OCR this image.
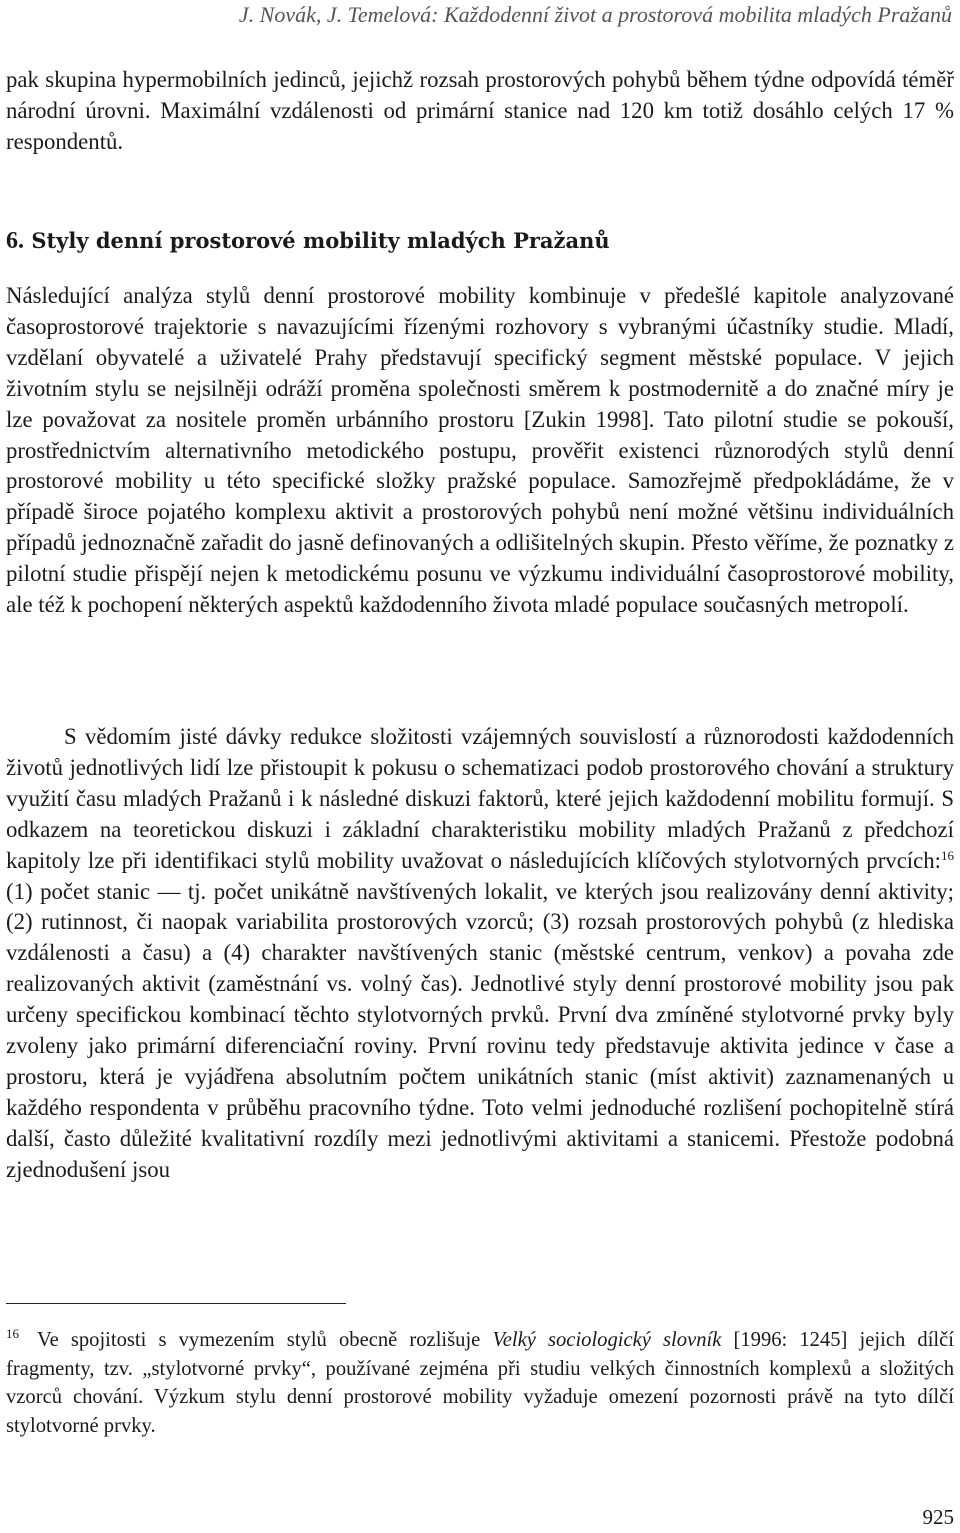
J. Novák, J. Temelová: Každodenní život a prostorová mobilita mladých Pražanů

pak skupina hypermobilních jedinců, jejichž rozsah prostorových pohybů během týdne odpovídá téměř národní úrovni. Maximální vzdálenosti od primární stanice nad 120 km totiž dosáhlo celých 17 % respondentů.

6. Styly denní prostorové mobility mladých Pražanů

Následující analýza stylů denní prostorové mobility kombinuje v předešlé kapitole analyzované časoprostorové trajektorie s navazujícími řízenými rozhovory s vybranými účastníky studie. Mladí, vzdělaní obyvatelé a uživatelé Prahy představují specifický segment městské populace. V jejich životním stylu se nejsilněji odráží proměna společnosti směrem k postmodernitě a do značné míry je lze považovat za nositele proměn urbánního prostoru [Zukin 1998]. Tato pilotní studie se pokouší, prostřednictvím alternativního metodického postupu, prověřit existenci různorodých stylů denní prostorové mobility u této specifické složky pražské populace. Samozřejmě předpokládáme, že v případě široce pojatého komplexu aktivit a prostorových pohybů není možné většinu individuálních případů jednoznačně zařadit do jasně definovaných a odlišitelných skupin. Přesto věříme, že poznatky z pilotní studie přispějí nejen k metodickému posunu ve výzkumu individuální časoprostorové mobility, ale též k pochopení některých aspektů každodenního života mladé populace současných metropolí.

S vědomím jisté dávky redukce složitosti vzájemných souvislostí a různorodosti každodenních životů jednotlivých lidí lze přistoupit k pokusu o schematizaci podob prostorového chování a struktury využití času mladých Pražanů i k následné diskuzi faktorů, které jejich každodenní mobilitu formují. S odkazem na teoretickou diskuzi i základní charakteristiku mobility mladých Pražanů z předchozí kapitoly lze při identifikaci stylů mobility uvažovat o následujících klíčových stylotvorných prvcích:$^{16}$ (1) počet stanic — tj. počet unikátně navštívených lokalit, ve kterých jsou realizovány denní aktivity; (2) rutinnost, či naopak variabilita prostorových vzorců; (3) rozsah prostorových pohybů (z hlediska vzdálenosti a času) a (4) charakter navštívených stanic (městské centrum, venkov) a povaha zde realizovaných aktivit (zaměstnání vs. volný čas). Jednotlivé styly denní prostorové mobility jsou pak určeny specifickou kombinací těchto stylotvorných prvků. První dva zmíněné stylotvorné prvky byly zvoleny jako primární diferenciační roviny. První rovinu tedy představuje aktivita jedince v čase a prostoru, která je vyjádřena absolutním počtem unikátních stanic (míst aktivit) zaznamenaných u každého respondenta v průběhu pracovního týdne. Toto velmi jednoduché rozlišení pochopitelně stírá další, často důležité kvalitativní rozdíly mezi jednotlivými aktivitami a stanicemi. Přestože podobná zjednodušení jsou

$^{16}$ Ve spojitosti s vymezením stylů obecně rozlišuje Velký sociologický slovník [1996: 1245] jejich dílčí fragmenty, tzv. „stylotvorné prvky“, používané zejména při studiu velkých činnostních komplexů a složitých vzorců chování. Výzkum stylu denní prostorové mobility vyžaduje omezení pozornosti právě na tyto dílčí stylotvorné prvky.

925
